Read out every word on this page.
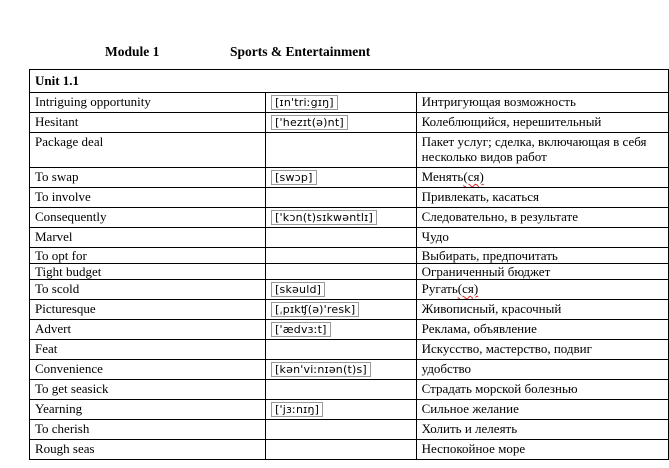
Module 1	Sports & Entertainment
Unit 1.1		
Intriguing opportunity	[ɪn'triːgɪŋ]	Интригующая возможность
Hesitant	['hezɪt(ə)nt]	Колеблющийся, нерешительный
Package deal		Пакет услуг; сделка, включающая в себя несколько видов работ
To swap	[swɔp]	Менять(ся)
To involve		Привлекать, касаться
Consequently	['kɔn(t)sɪkwəntlɪ]	Следовательно, в результате
Marvel		Чудо
To opt for		Выбирать, предпочитать
Tight budget		Ограниченный бюджет
To scold	[skəuld]	Ругать(ся)
Picturesque	[ˌpɪkʧ(ə)'resk]	Живописный, красочный
Advert	['ædvɜːt]	Реклама, объявление
Feat		Искусство, мастерство, подвиг
Convenience	[kən'viːnɪən(t)s]	удобство
To get seasick		Страдать морской болезнью
Yearning	['jɜːnɪŋ]	Сильное желание
To cherish		Холить и лелеять
Rough seas		Неспокойное море
